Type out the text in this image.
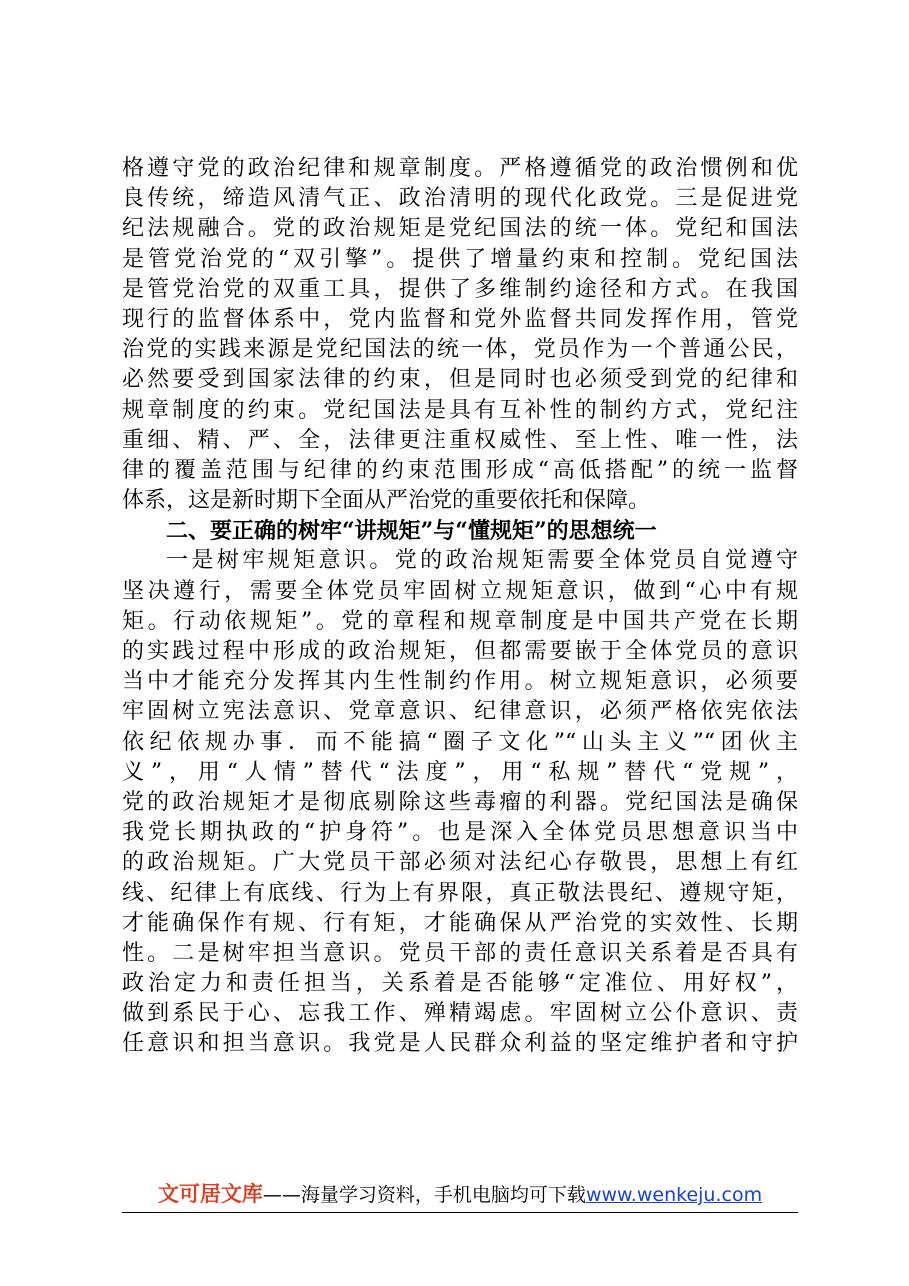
格遵守党的政治纪律和规章制度。严格遵循党的政治惯例和优
良传统，缔造风清气正、政治清明的现代化政党。三是促进党
纪法规融合。党的政治规矩是党纪国法的统一体。党纪和国法
是管党治党的“双引擎”。提供了增量约束和控制。党纪国法
是管党治党的双重工具，提供了多维制约途径和方式。在我国
现行的监督体系中，党内监督和党外监督共同发挥作用，管党
治党的实践来源是党纪国法的统一体，党员作为一个普通公民，
必然要受到国家法律的约束，但是同时也必须受到党的纪律和
规章制度的约束。党纪国法是具有互补性的制约方式，党纪注
重细、精、严、全，法律更注重权威性、至上性、唯一性，法
律的覆盖范围与纪律的约束范围形成“高低搭配”的统一监督
体系，这是新时期下全面从严治党的重要依托和保障。
二、要正确的树牢“讲规矩”与“懂规矩”的思想统一
一是树牢规矩意识。党的政治规矩需要全体党员自觉遵守
坚决遵行，需要全体党员牢固树立规矩意识，做到“心中有规
矩。行动依规矩”。党的章程和规章制度是中国共产党在长期
的实践过程中形成的政治规矩，但都需要嵌于全体党员的意识
当中才能充分发挥其内生性制约作用。树立规矩意识，必须要
牢固树立宪法意识、党章意识、纪律意识，必须严格依宪依法
依纪依规办事．而不能搞“圈子文化”“山头主义”“团伙主
义”，用“人情”替代“法度”，用“私规”替代“党规”，
党的政治规矩才是彻底剔除这些毒瘤的利器。党纪国法是确保
我党长期执政的“护身符”。也是深入全体党员思想意识当中
的政治规矩。广大党员干部必须对法纪心存敬畏，思想上有红
线、纪律上有底线、行为上有界限，真正敬法畏纪、遵规守矩，
才能确保作有规、行有矩，才能确保从严治党的实效性、长期
性。二是树牢担当意识。党员干部的责任意识关系着是否具有
政治定力和责任担当，关系着是否能够“定准位、用好权”，
做到系民于心、忘我工作、殚精竭虑。牢固树立公仆意识、责
任意识和担当意识。我党是人民群众利益的坚定维护者和守护
文可居文库——海量学习资料，手机电脑均可下载www.wenkeju.com
